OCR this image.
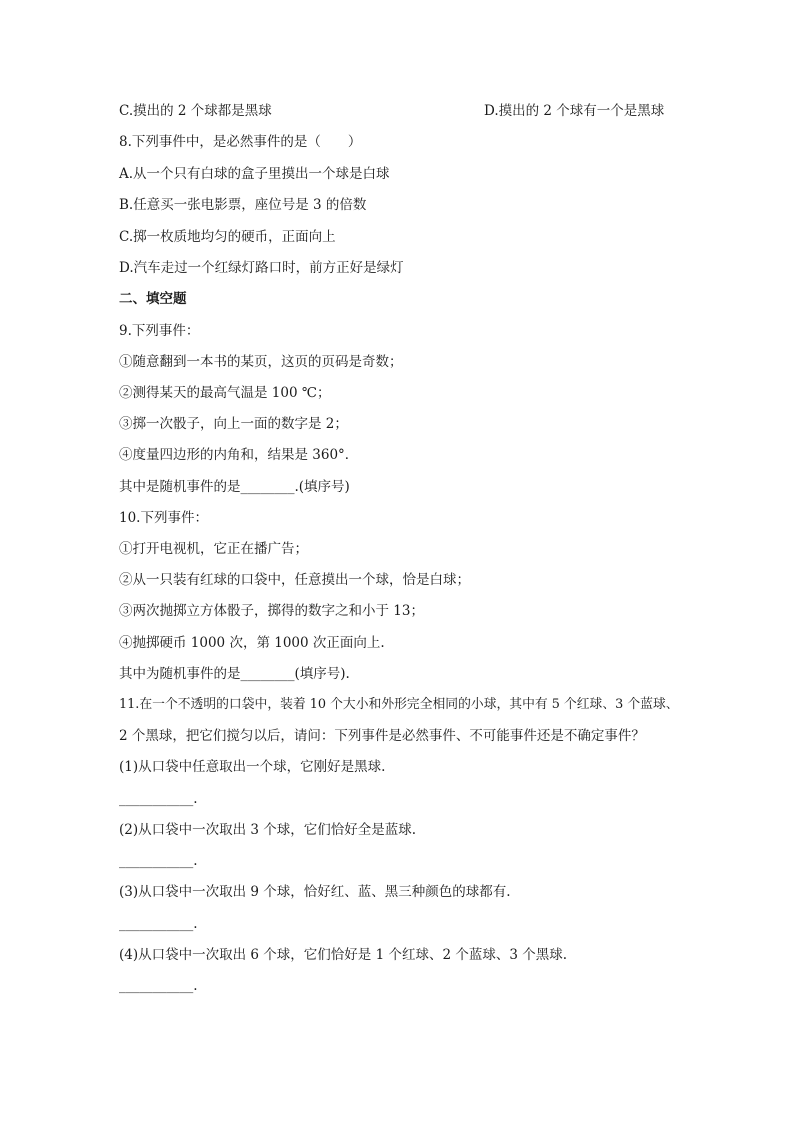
C.摸出的 2 个球都是黑球	D.摸出的 2 个球有一个是黑球
8.下列事件中，是必然事件的是（　　）
A.从一个只有白球的盒子里摸出一个球是白球
B.任意买一张电影票，座位号是 3 的倍数
C.掷一枚质地均匀的硬币，正面向上
D.汽车走过一个红绿灯路口时，前方正好是绿灯
二、填空题
9.下列事件：
①随意翻到一本书的某页，这页的页码是奇数；
②测得某天的最高气温是 100 ℃；
③掷一次骰子，向上一面的数字是 2；
④度量四边形的内角和，结果是 360°．
其中是随机事件的是________.(填序号)
10.下列事件：
①打开电视机，它正在播广告；
②从一只装有红球的口袋中，任意摸出一个球，恰是白球；
③两次抛掷立方体骰子，掷得的数字之和小于 13；
④抛掷硬币 1000 次，第 1000 次正面向上.
其中为随机事件的是________(填序号).
11.在一个不透明的口袋中，装着 10 个大小和外形完全相同的小球，其中有 5 个红球、3 个蓝球、
2 个黑球，把它们搅匀以后，请问：下列事件是必然事件、不可能事件还是不确定事件？
(1)从口袋中任意取出一个球，它刚好是黑球.
___________.
(2)从口袋中一次取出 3 个球，它们恰好全是蓝球.
___________.
(3)从口袋中一次取出 9 个球，恰好红、蓝、黑三种颜色的球都有.
___________.
(4)从口袋中一次取出 6 个球，它们恰好是 1 个红球、2 个蓝球、3 个黑球.
___________.
